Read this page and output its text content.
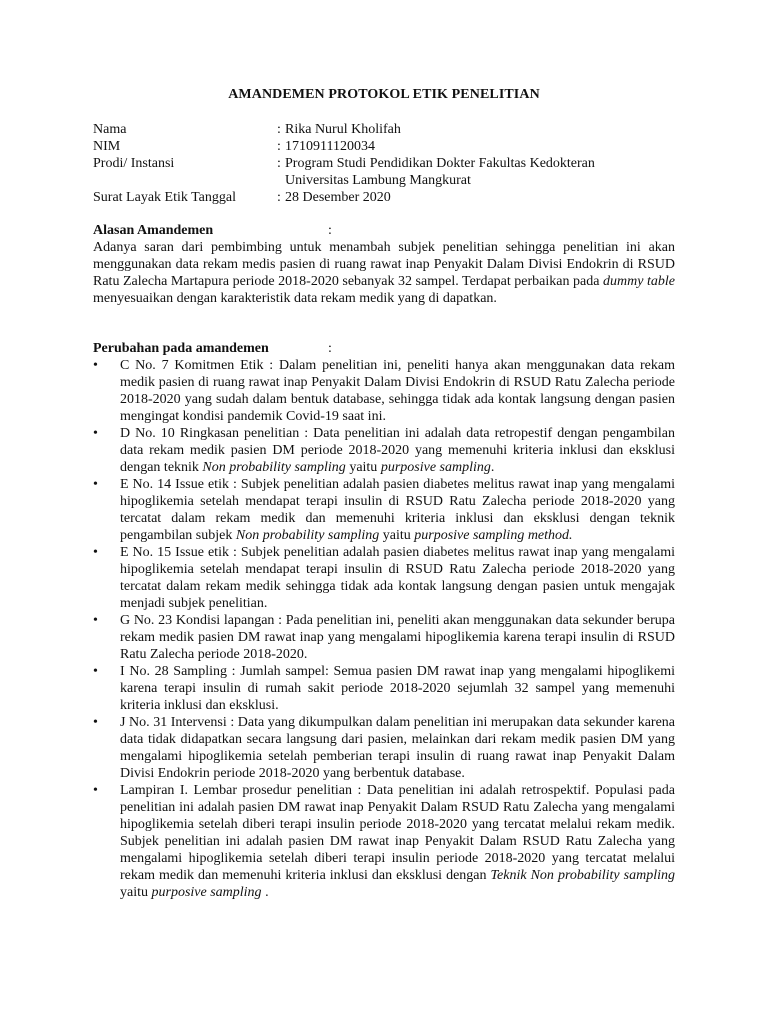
AMANDEMEN PROTOKOL ETIK PENELITIAN
Nama	: Rika Nurul Kholifah
NIM	: 1710911120034
Prodi/ Instansi	: Program Studi Pendidikan Dokter Fakultas Kedokteran
Universitas Lambung Mangkurat
Surat Layak Etik Tanggal	: 28 Desember 2020
Alasan Amandemen	:
Adanya saran dari pembimbing untuk menambah subjek penelitian sehingga penelitian ini akan menggunakan data rekam medis pasien di ruang rawat inap Penyakit Dalam Divisi Endokrin di RSUD Ratu Zalecha Martapura periode 2018-2020 sebanyak 32 sampel. Terdapat perbaikan pada dummy table menyesuaikan dengan karakteristik data rekam medik yang di dapatkan.
Perubahan pada amandemen	:
• C No. 7 Komitmen Etik : Dalam penelitian ini, peneliti hanya akan menggunakan data rekam medik pasien di ruang rawat inap Penyakit Dalam Divisi Endokrin di RSUD Ratu Zalecha periode 2018-2020 yang sudah dalam bentuk database, sehingga tidak ada kontak langsung dengan pasien mengingat kondisi pandemik Covid-19 saat ini.
• D No. 10 Ringkasan penelitian : Data penelitian ini adalah data retropestif dengan pengambilan data rekam medik pasien DM periode 2018-2020 yang memenuhi kriteria inklusi dan eksklusi dengan teknik Non probability sampling yaitu purposive sampling.
• E No. 14 Issue etik : Subjek penelitian adalah pasien diabetes melitus rawat inap yang mengalami hipoglikemia setelah mendapat terapi insulin di RSUD Ratu Zalecha periode 2018-2020 yang tercatat dalam rekam medik dan memenuhi kriteria inklusi dan eksklusi dengan teknik pengambilan subjek Non probability sampling yaitu purposive sampling method.
• E No. 15 Issue etik : Subjek penelitian adalah pasien diabetes melitus rawat inap yang mengalami hipoglikemia setelah mendapat terapi insulin di RSUD Ratu Zalecha periode 2018-2020 yang tercatat dalam rekam medik sehingga tidak ada kontak langsung dengan pasien untuk mengajak menjadi subjek penelitian.
• G No. 23 Kondisi lapangan : Pada penelitian ini, peneliti akan menggunakan data sekunder berupa rekam medik pasien DM rawat inap yang mengalami hipoglikemia karena terapi insulin di RSUD Ratu Zalecha periode 2018-2020.
• I No. 28 Sampling : Jumlah sampel: Semua pasien DM rawat inap yang mengalami hipoglikemi karena terapi insulin di rumah sakit periode 2018-2020 sejumlah 32 sampel yang memenuhi kriteria inklusi dan eksklusi.
• J No. 31 Intervensi : Data yang dikumpulkan dalam penelitian ini merupakan data sekunder karena data tidak didapatkan secara langsung dari pasien, melainkan dari rekam medik pasien DM yang mengalami hipoglikemia setelah pemberian terapi insulin di ruang rawat inap Penyakit Dalam Divisi Endokrin periode 2018-2020 yang berbentuk database.
• Lampiran I. Lembar prosedur penelitian : Data penelitian ini adalah retrospektif. Populasi pada penelitian ini adalah pasien DM rawat inap Penyakit Dalam RSUD Ratu Zalecha yang mengalami hipoglikemia setelah diberi terapi insulin periode 2018-2020 yang tercatat melalui rekam medik. Subjek penelitian ini adalah pasien DM rawat inap Penyakit Dalam RSUD Ratu Zalecha yang mengalami hipoglikemia setelah diberi terapi insulin periode 2018-2020 yang tercatat melalui rekam medik dan memenuhi kriteria inklusi dan eksklusi dengan Teknik Non probability sampling yaitu purposive sampling .
